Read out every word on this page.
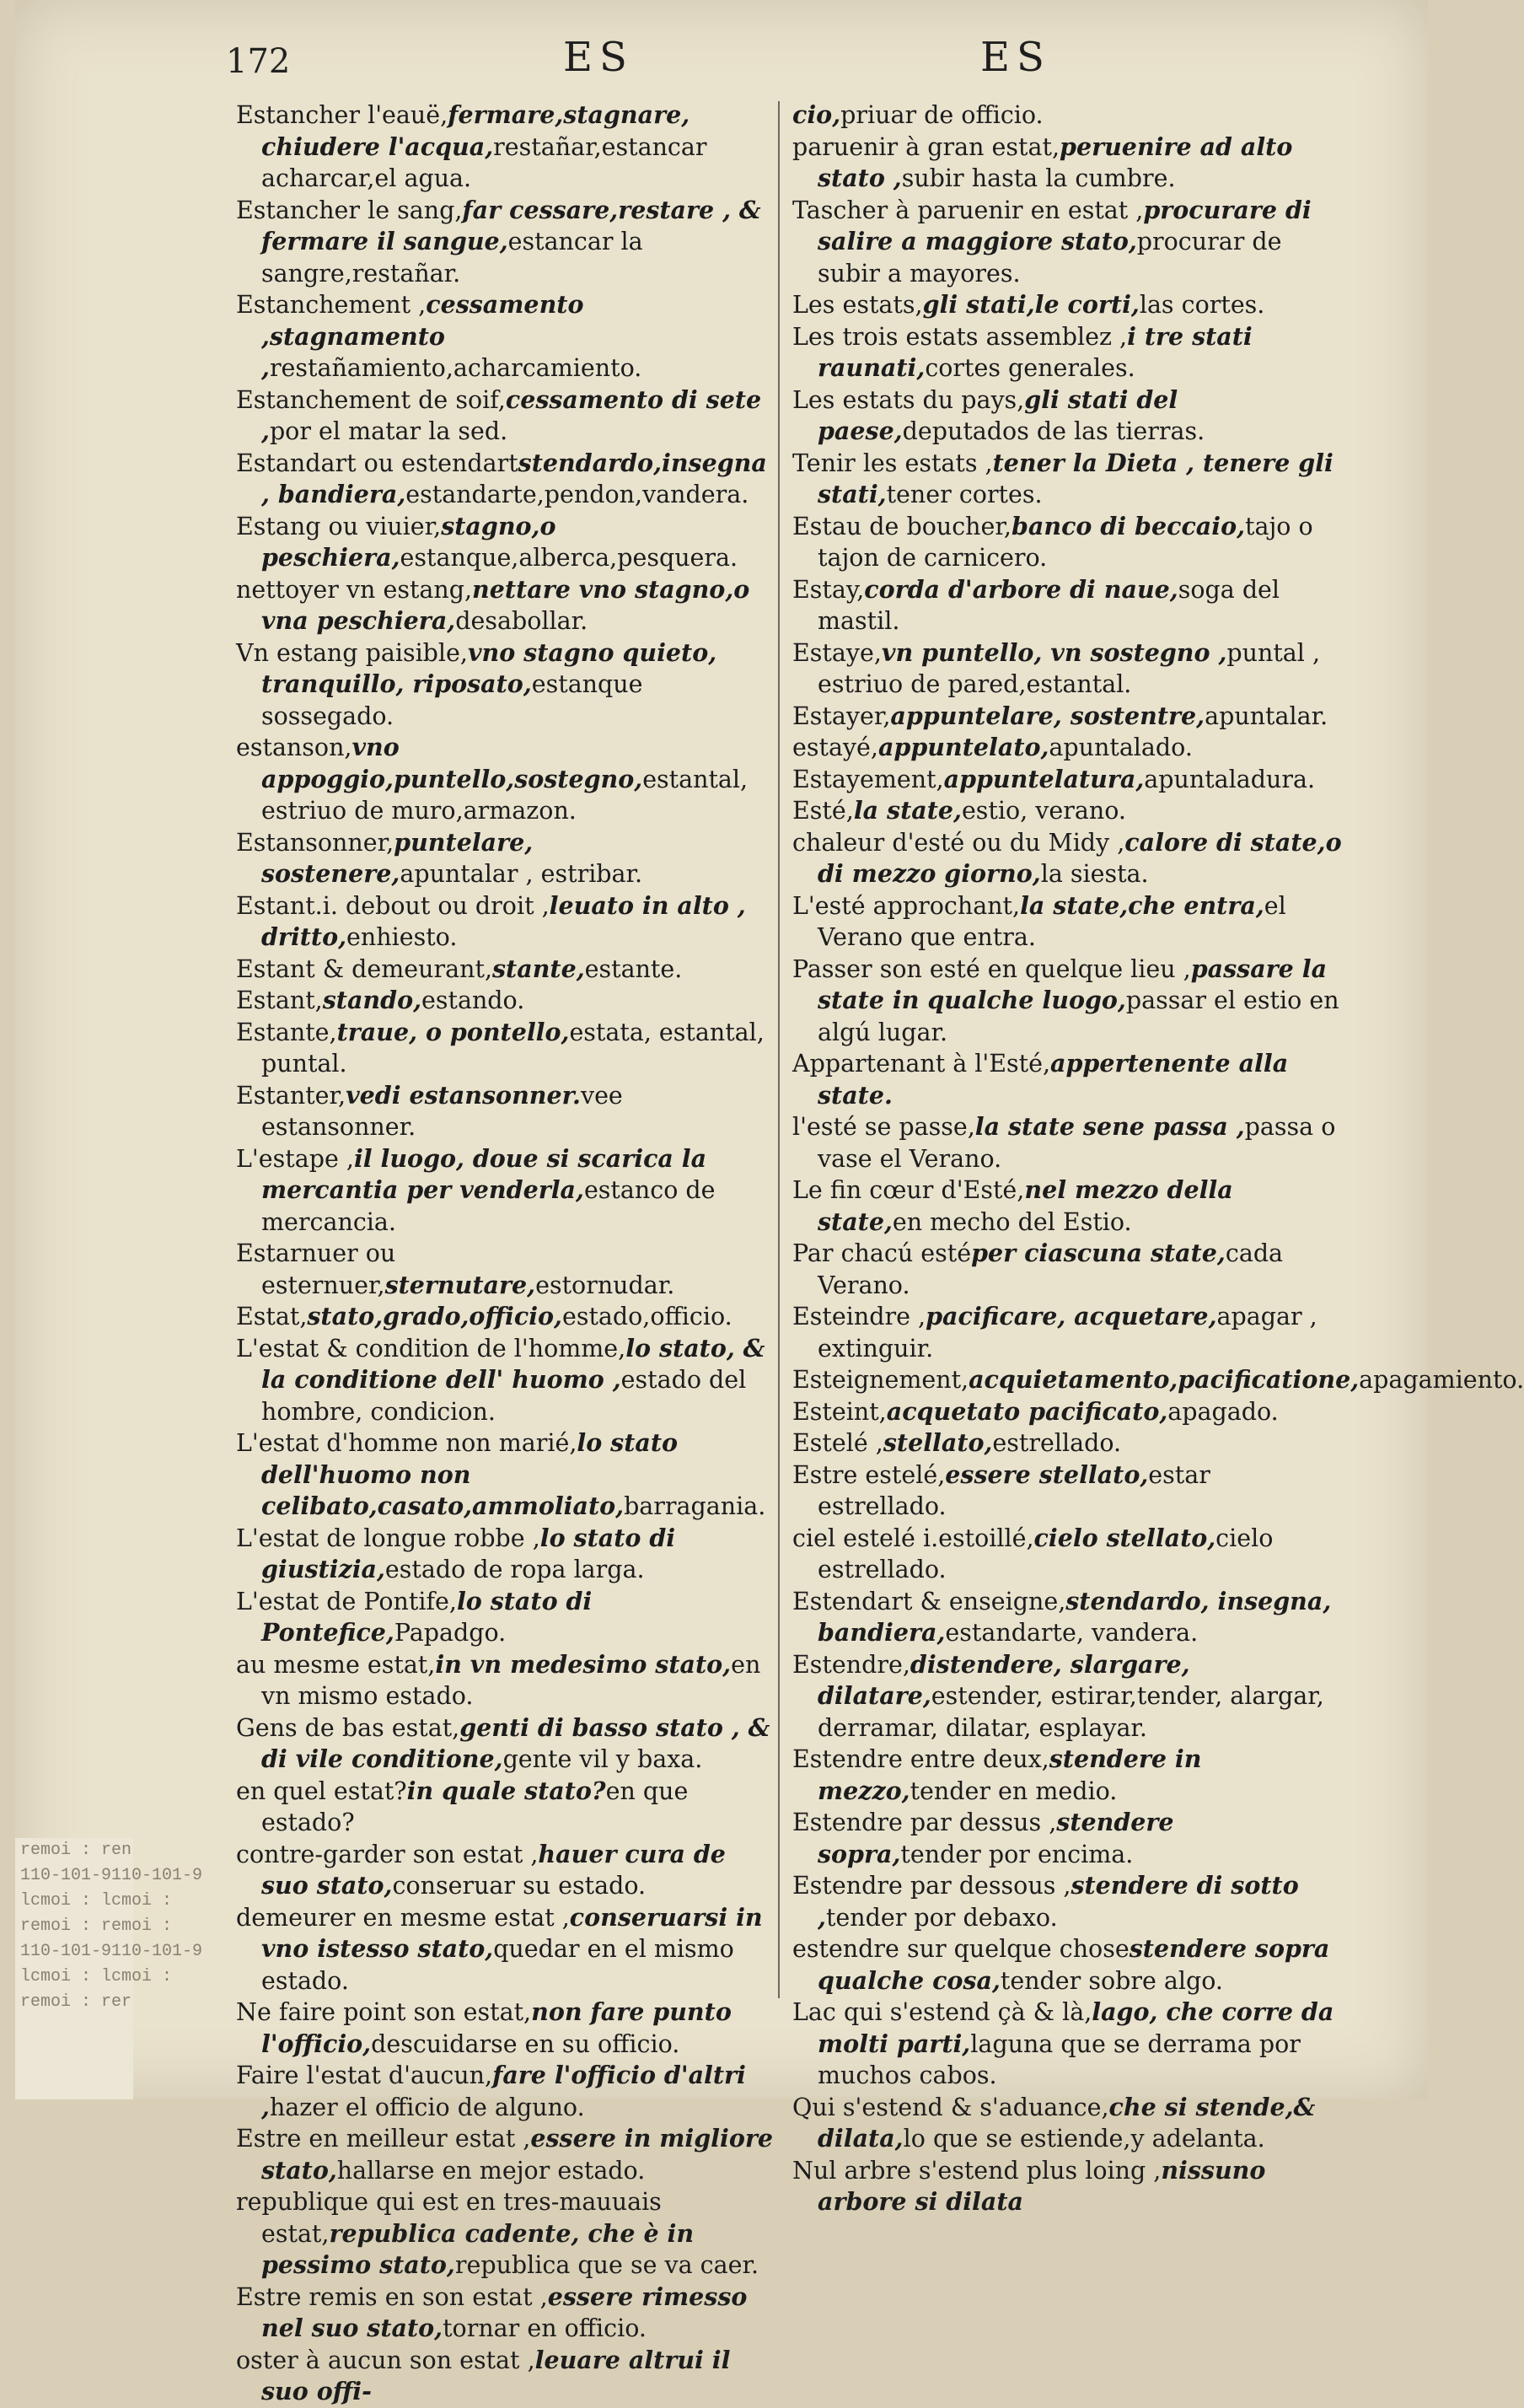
remoi : ren
110-101-9110-101-9
lcmoi : lcmoi :
remoi : remoi :
110-101-9110-101-9
lcmoi : lcmoi :
remoi : rer
172	ES	ES
Estancher l'eauë,fermare,stagnare, chiudere l'acqua,restañar,estancar acharcar,el agua.
Estancher le sang,far cessare,restare , & fermare il sangue,estancar la sangre,restañar.
Estanchement ,cessamento ,stagnamento ,restañamiento,acharcamiento.
Estanchement de soif,cessamento di sete ,por el matar la sed.
Estandart ou estendartstendardo,insegna , bandiera,estandarte,pendon,vandera.
Estang ou viuier,stagno,o peschiera,estanque,alberca,pesquera.
nettoyer vn estang,nettare vno stagno,o vna peschiera,desabollar.
Vn estang paisible,vno stagno quieto, tranquillo, riposato,estanque sossegado.
estanson,vno appoggio,puntello,sostegno,estantal, estriuo de muro,armazon.
Estansonner,puntelare, sostenere,apuntalar , estribar.
Estant.i. debout ou droit ,leuato in alto , dritto,enhiesto.
Estant & demeurant,stante,estante.
Estant,stando,estando.
Estante,traue, o pontello,estata, estantal, puntal.
Estanter,vedi estansonner.vee estansonner.
L'estape ,il luogo, doue si scarica la mercantia per venderla,estanco de mercancia.
Estarnuer ou esternuer,sternutare,estornudar.
Estat,stato,grado,officio,estado,officio.
L'estat & condition de l'homme,lo stato, & la conditione dell' huomo ,estado del hombre, condicion.
L'estat d'homme non marié,lo stato dell'huomo non celibato,casato,ammoliato,barragania.
L'estat de longue robbe ,lo stato di giustizia,estado de ropa larga.
L'estat de Pontife,lo stato di Pontefice,Papadgo.
au mesme estat,in vn medesimo stato,en vn mismo estado.
Gens de bas estat,genti di basso stato , & di vile conditione,gente vil y baxa.
en quel estat?in quale stato?en que estado?
contre-garder son estat ,hauer cura de suo stato,conseruar su estado.
demeurer en mesme estat ,conseruarsi in vno istesso stato,quedar en el mismo estado.
Ne faire point son estat,non fare punto l'officio,descuidarse en su officio.
Faire l'estat d'aucun,fare l'officio d'altri ,hazer el officio de alguno.
Estre en meilleur estat ,essere in migliore stato,hallarse en mejor estado.
republique qui est en tres-mauuais estat,republica cadente, che è in pessimo stato,republica que se va caer.
Estre remis en son estat ,essere rimesso nel suo stato,tornar en officio.
oster à aucun son estat ,leuare altrui il suo offi-
cio,priuar de officio.
paruenir à gran estat,peruenire ad alto stato ,subir hasta la cumbre.
Tascher à paruenir en estat ,procurare di salire a maggiore stato,procurar de subir a mayores.
Les estats,gli stati,le corti,las cortes.
Les trois estats assemblez ,i tre stati raunati,cortes generales.
Les estats du pays,gli stati del paese,deputados de las tierras.
Tenir les estats ,tener la Dieta , tenere gli stati,tener cortes.
Estau de boucher,banco di beccaio,tajo o tajon de carnicero.
Estay,corda d'arbore di naue,soga del mastil.
Estaye,vn puntello, vn sostegno ,puntal , estriuo de pared,estantal.
Estayer,appuntelare, sostentre,apuntalar.
estayé,appuntelato,apuntalado.
Estayement,appuntelatura,apuntaladura.
Esté,la state,estio, verano.
chaleur d'esté ou du Midy ,calore di state,o di mezzo giorno,la siesta.
L'esté approchant,la state,che entra,el Verano que entra.
Passer son esté en quelque lieu ,passare la state in qualche luogo,passar el estio en algú lugar.
Appartenant à l'Esté,appertenente alla state.
l'esté se passe,la state sene passa ,passa o vase el Verano.
Le fin cœur d'Esté,nel mezzo della state,en mecho del Estio.
Par chacú estéper ciascuna state,cada Verano.
Esteindre ,pacificare, acquetare,apagar , extinguir.
Esteignement,acquietamento,pacificatione,apagamiento.
Esteint,acquetato pacificato,apagado.
Estelé ,stellato,estrellado.
Estre estelé,essere stellato,estar estrellado.
ciel estelé i.estoillé,cielo stellato,cielo estrellado.
Estendart & enseigne,stendardo, insegna, bandiera,estandarte, vandera.
Estendre,distendere, slargare, dilatare,estender, estirar,tender, alargar, derramar, dilatar, esplayar.
Estendre entre deux,stendere in mezzo,tender en medio.
Estendre par dessus ,stendere sopra,tender por encima.
Estendre par dessous ,stendere di sotto ,tender por debaxo.
estendre sur quelque chosestendere sopra qualche cosa,tender sobre algo.
Lac qui s'estend çà & là,lago, che corre da molti parti,laguna que se derrama por muchos cabos.
Qui s'estend & s'aduance,che si stende,& dilata,lo que se estiende,y adelanta.
Nul arbre s'estend plus loing ,nissuno arbore si dilata
